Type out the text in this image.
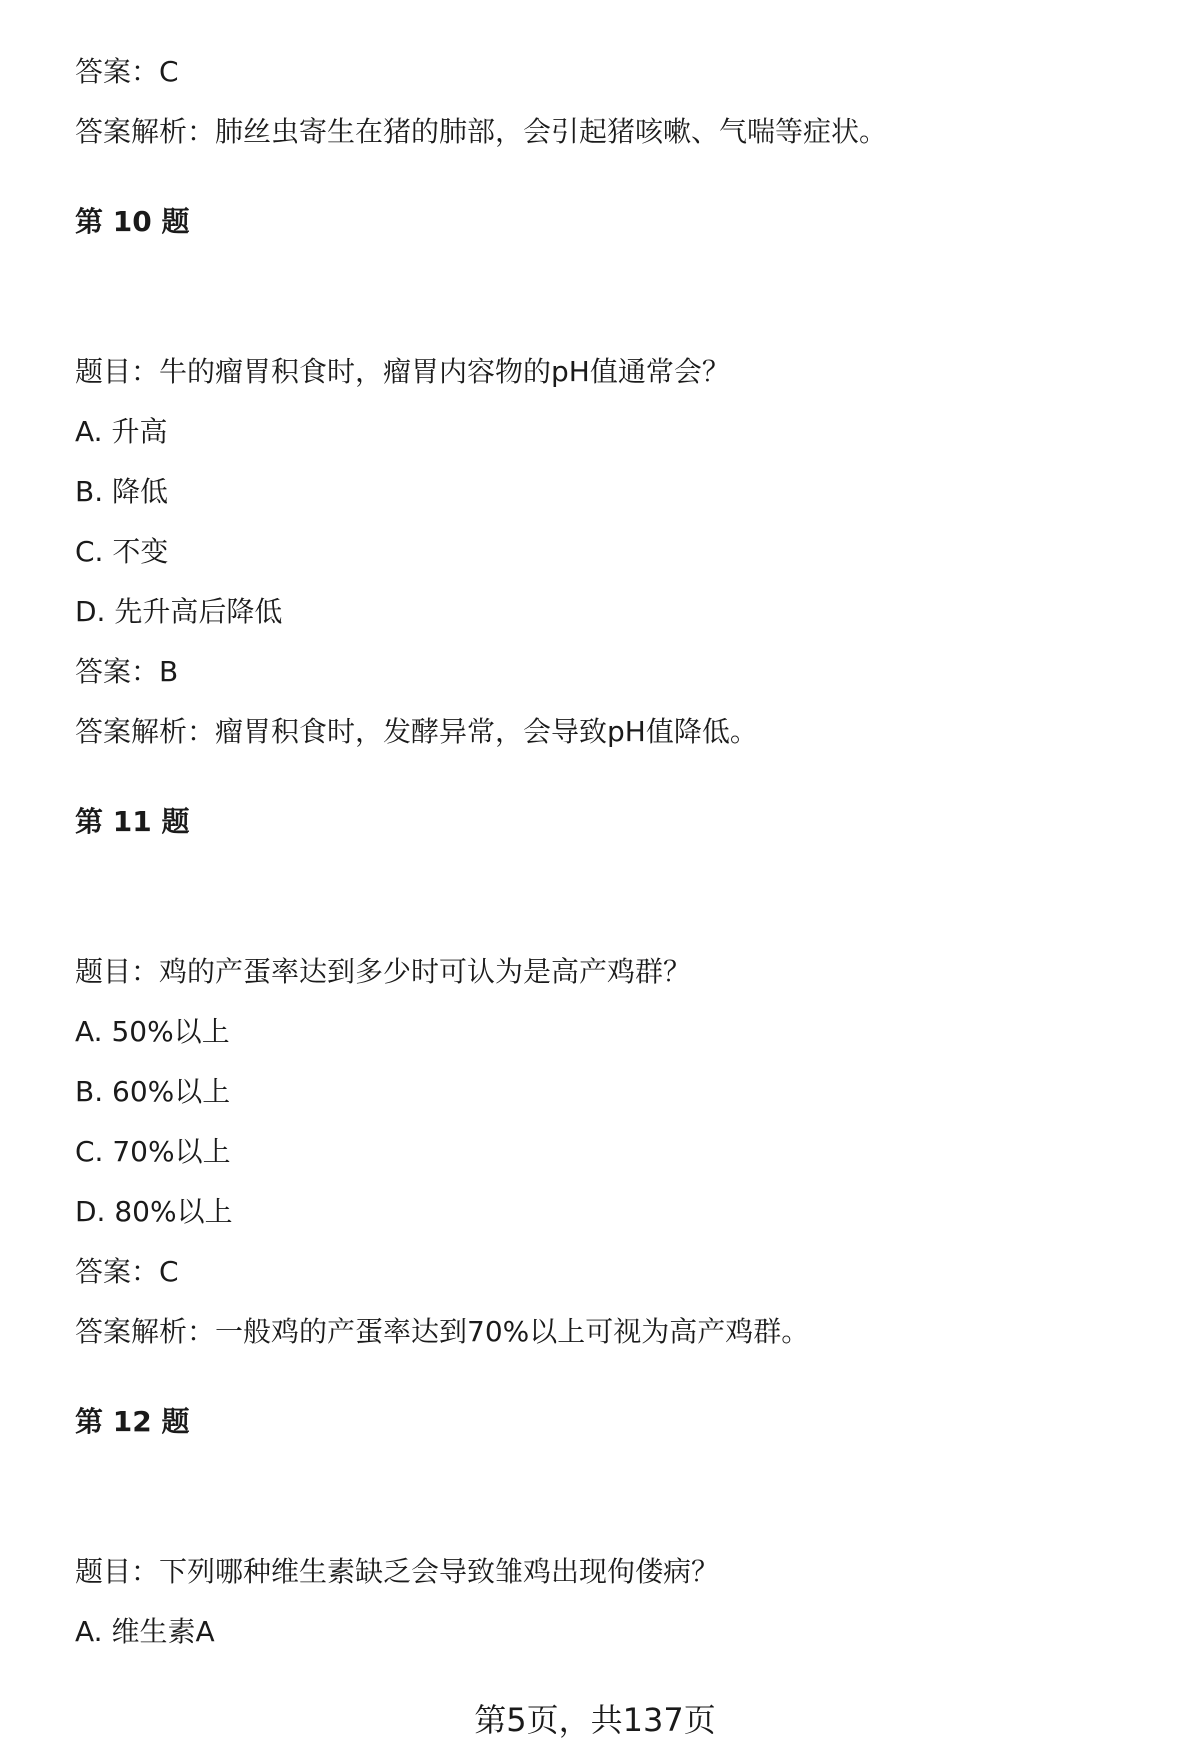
答案：C
答案解析：肺丝虫寄生在猪的肺部，会引起猪咳嗽、气喘等症状。
第 10 题
题目：牛的瘤胃积食时，瘤胃内容物的pH值通常会？
A. 升高
B. 降低
C. 不变
D. 先升高后降低
答案：B
答案解析：瘤胃积食时，发酵异常，会导致pH值降低。
第 11 题
题目：鸡的产蛋率达到多少时可认为是高产鸡群？
A. 50%以上
B. 60%以上
C. 70%以上
D. 80%以上
答案：C
答案解析：一般鸡的产蛋率达到70%以上可视为高产鸡群。
第 12 题
题目：下列哪种维生素缺乏会导致雏鸡出现佝偻病？
A. 维生素A
第5页，共137页
